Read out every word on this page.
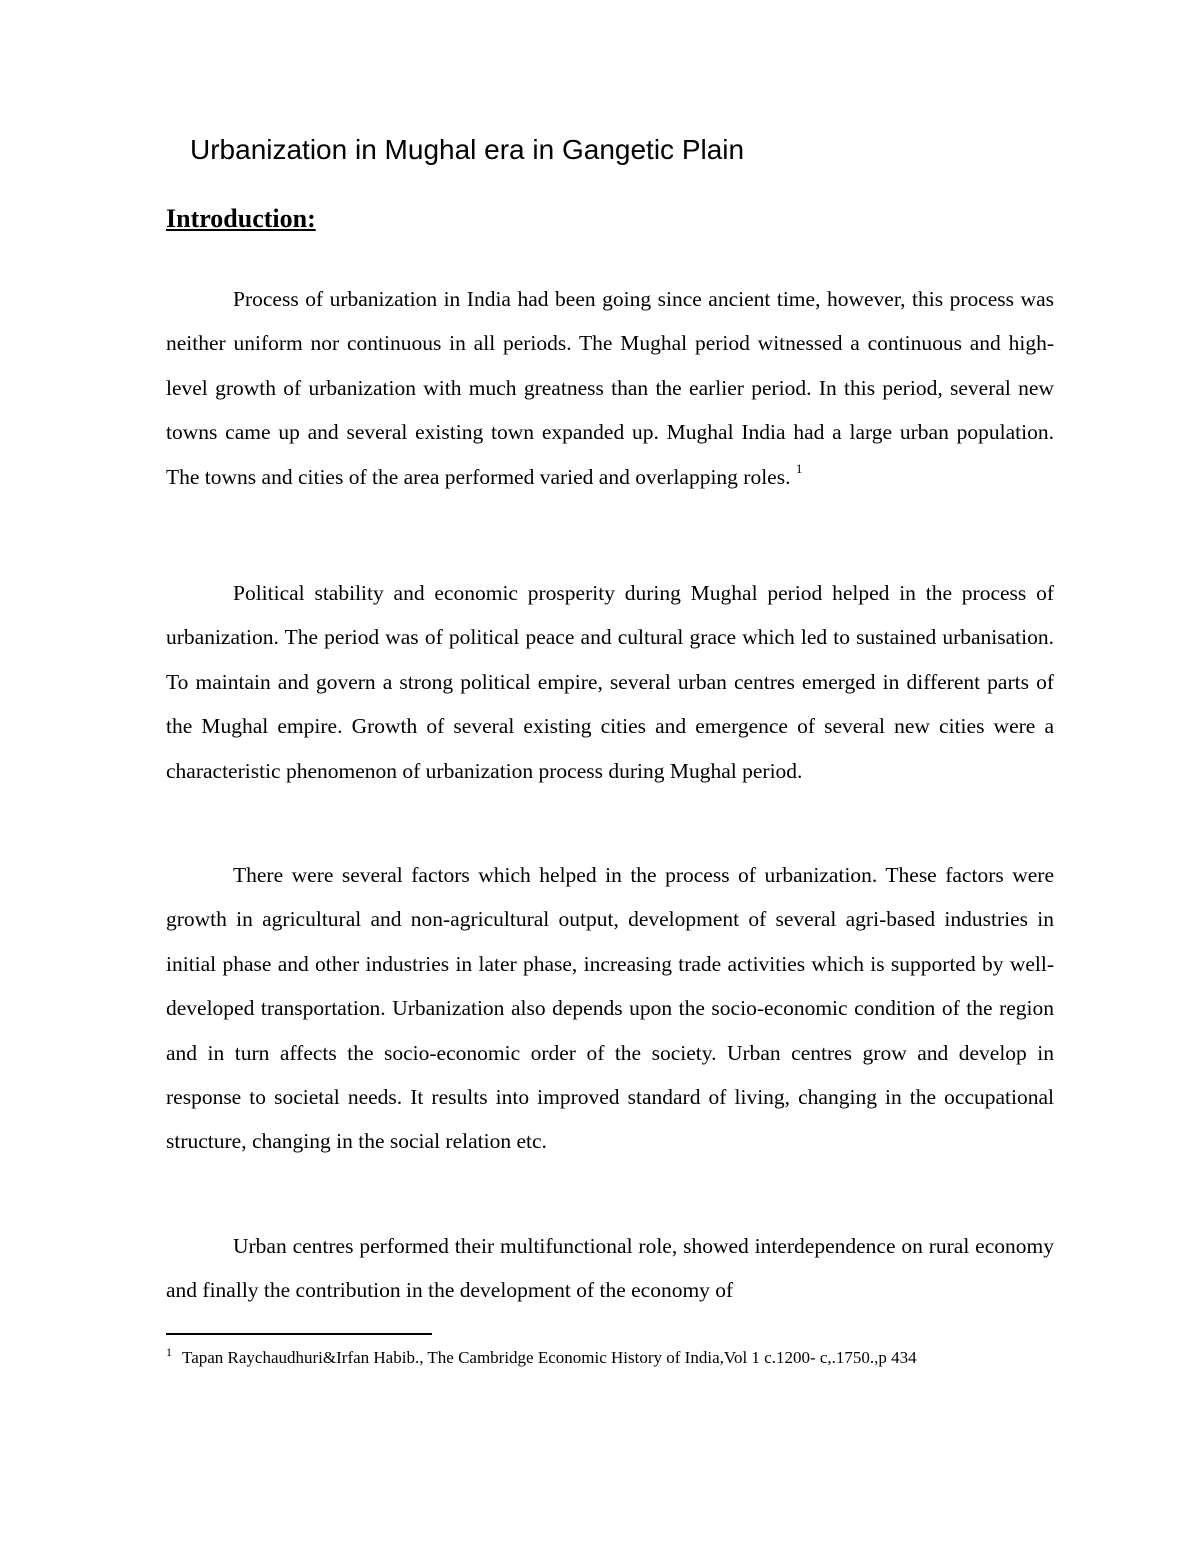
Urbanization in Mughal era in Gangetic Plain
Introduction:

Process of urbanization in India had been going since ancient time, however, this process was neither uniform nor continuous in all periods. The Mughal period witnessed a continuous and high-level growth of urbanization with much greatness than the earlier period. In this period, several new towns came up and several existing town expanded up. Mughal India had a large urban population. The towns and cities of the area performed varied and overlapping roles. $^1$

Political stability and economic prosperity during Mughal period helped in the process of urbanization. The period was of political peace and cultural grace which led to sustained urbanisation. To maintain and govern a strong political empire, several urban centres emerged in different parts of the Mughal empire. Growth of several existing cities and emergence of several new cities were a characteristic phenomenon of urbanization process during Mughal period.

There were several factors which helped in the process of urbanization. These factors were growth in agricultural and non-agricultural output, development of several agri-based industries in initial phase and other industries in later phase, increasing trade activities which is supported by well-developed transportation. Urbanization also depends upon the socio-economic condition of the region and in turn affects the socio-economic order of the society. Urban centres grow and develop in response to societal needs. It results into improved standard of living, changing in the occupational structure, changing in the social relation etc.

Urban centres performed their multifunctional role, showed interdependence on rural economy and finally the contribution in the development of the economy of

$^1$ Tapan Raychaudhuri&Irfan Habib., The Cambridge Economic History of India,Vol 1 c.1200- c,.1750.,p 434
